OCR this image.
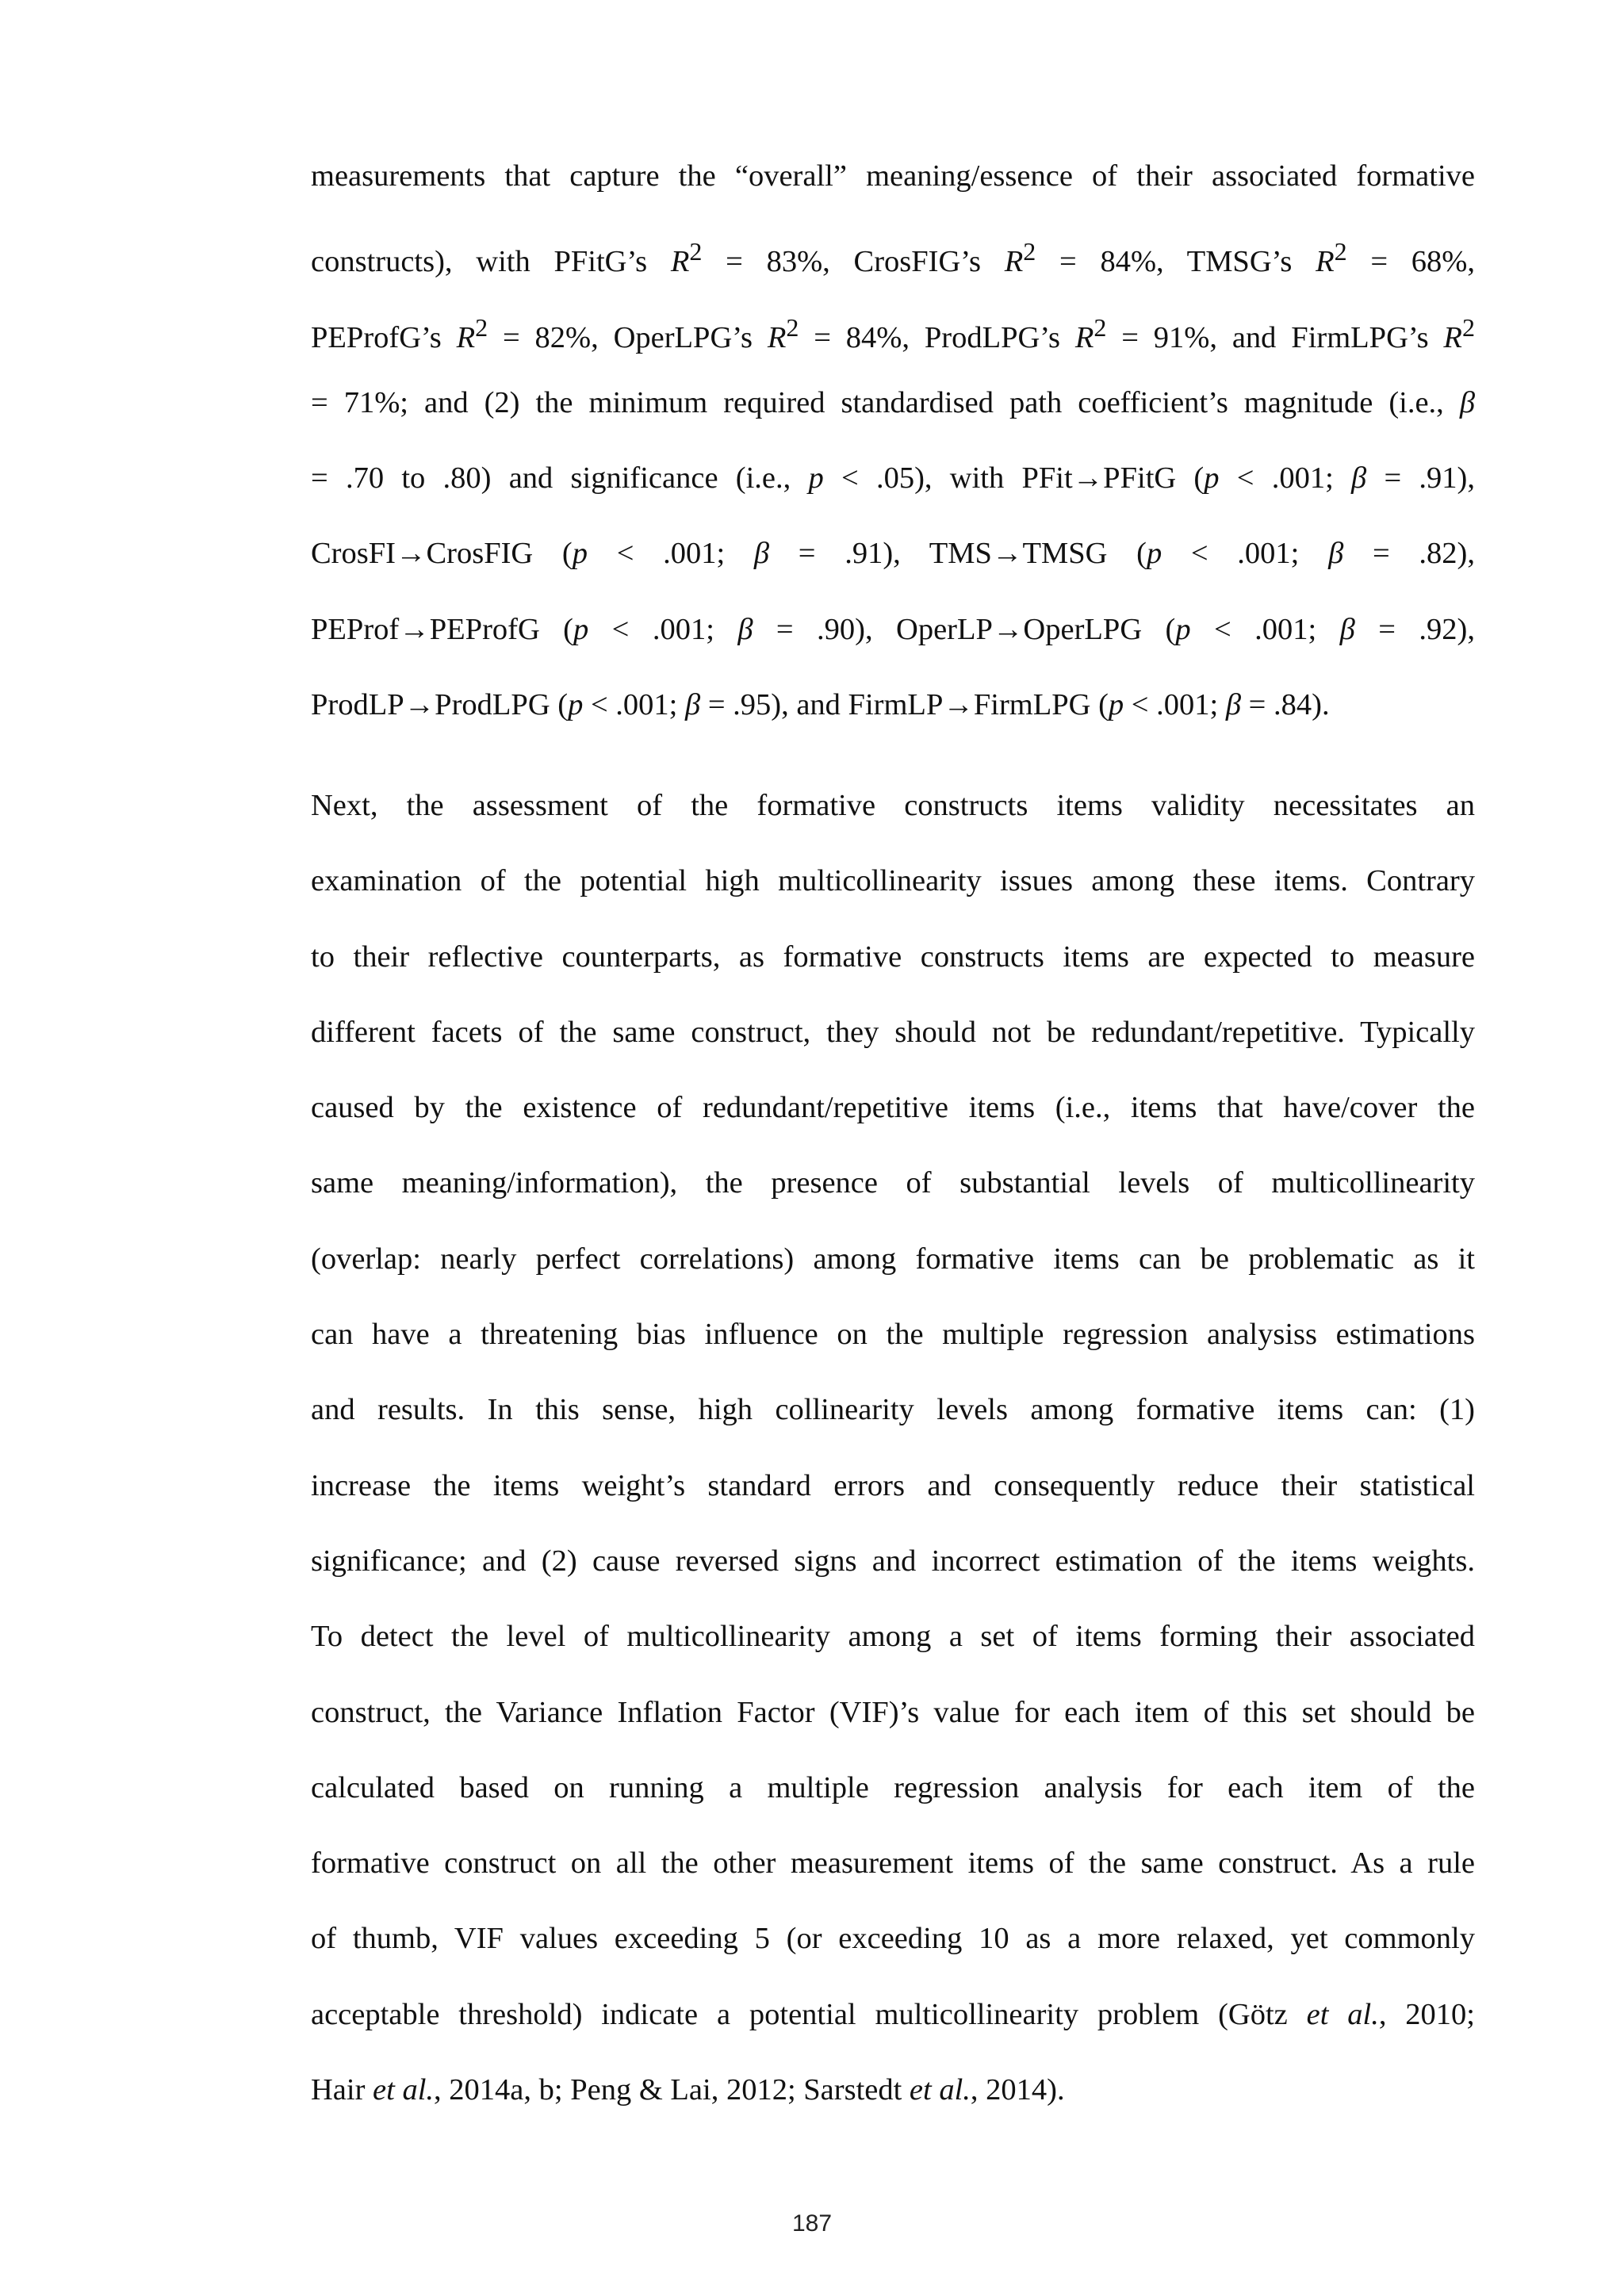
measurements that capture the “overall” meaning/essence of their associated formative
constructs), with PFitG’s $R^2 = 83\%$, CrosFIG’s $R^2 = 84\%$, TMSG’s $R^2 = 68\%$,
PEProfG’s $R^2 = 82\%$, OperLPG’s $R^2 = 84\%$, ProdLPG’s $R^2 = 91\%$, and FirmLPG’s $R^2$
= 71%; and (2) the minimum required standardised path coefficient’s magnitude (i.e., β
= .70 to .80) and significance (i.e., p < .05), with PFit→PFitG (p < .001; β = .91),
CrosFI→CrosFIG (p < .001; β = .91), TMS→TMSG (p < .001; β = .82),
PEProf→PEProfG (p < .001; β = .90), OperLP→OperLPG (p < .001; β = .92),
ProdLP→ProdLPG (p < .001; β = .95), and FirmLP→FirmLPG (p < .001; β = .84).
Next, the assessment of the formative constructs items validity necessitates an
examination of the potential high multicollinearity issues among these items. Contrary
to their reflective counterparts, as formative constructs items are expected to measure
different facets of the same construct, they should not be redundant/repetitive. Typically
caused by the existence of redundant/repetitive items (i.e., items that have/cover the
same meaning/information), the presence of substantial levels of multicollinearity
(overlap: nearly perfect correlations) among formative items can be problematic as it
can have a threatening bias influence on the multiple regression analysiss estimations
and results. In this sense, high collinearity levels among formative items can: (1)
increase the items weight’s standard errors and consequently reduce their statistical
significance; and (2) cause reversed signs and incorrect estimation of the items weights.
To detect the level of multicollinearity among a set of items forming their associated
construct, the Variance Inflation Factor (VIF)’s value for each item of this set should be
calculated based on running a multiple regression analysis for each item of the
formative construct on all the other measurement items of the same construct. As a rule
of thumb, VIF values exceeding 5 (or exceeding 10 as a more relaxed, yet commonly
acceptable threshold) indicate a potential multicollinearity problem (Götz et al., 2010;
Hair et al., 2014a, b; Peng & Lai, 2012; Sarstedt et al., 2014).
187
